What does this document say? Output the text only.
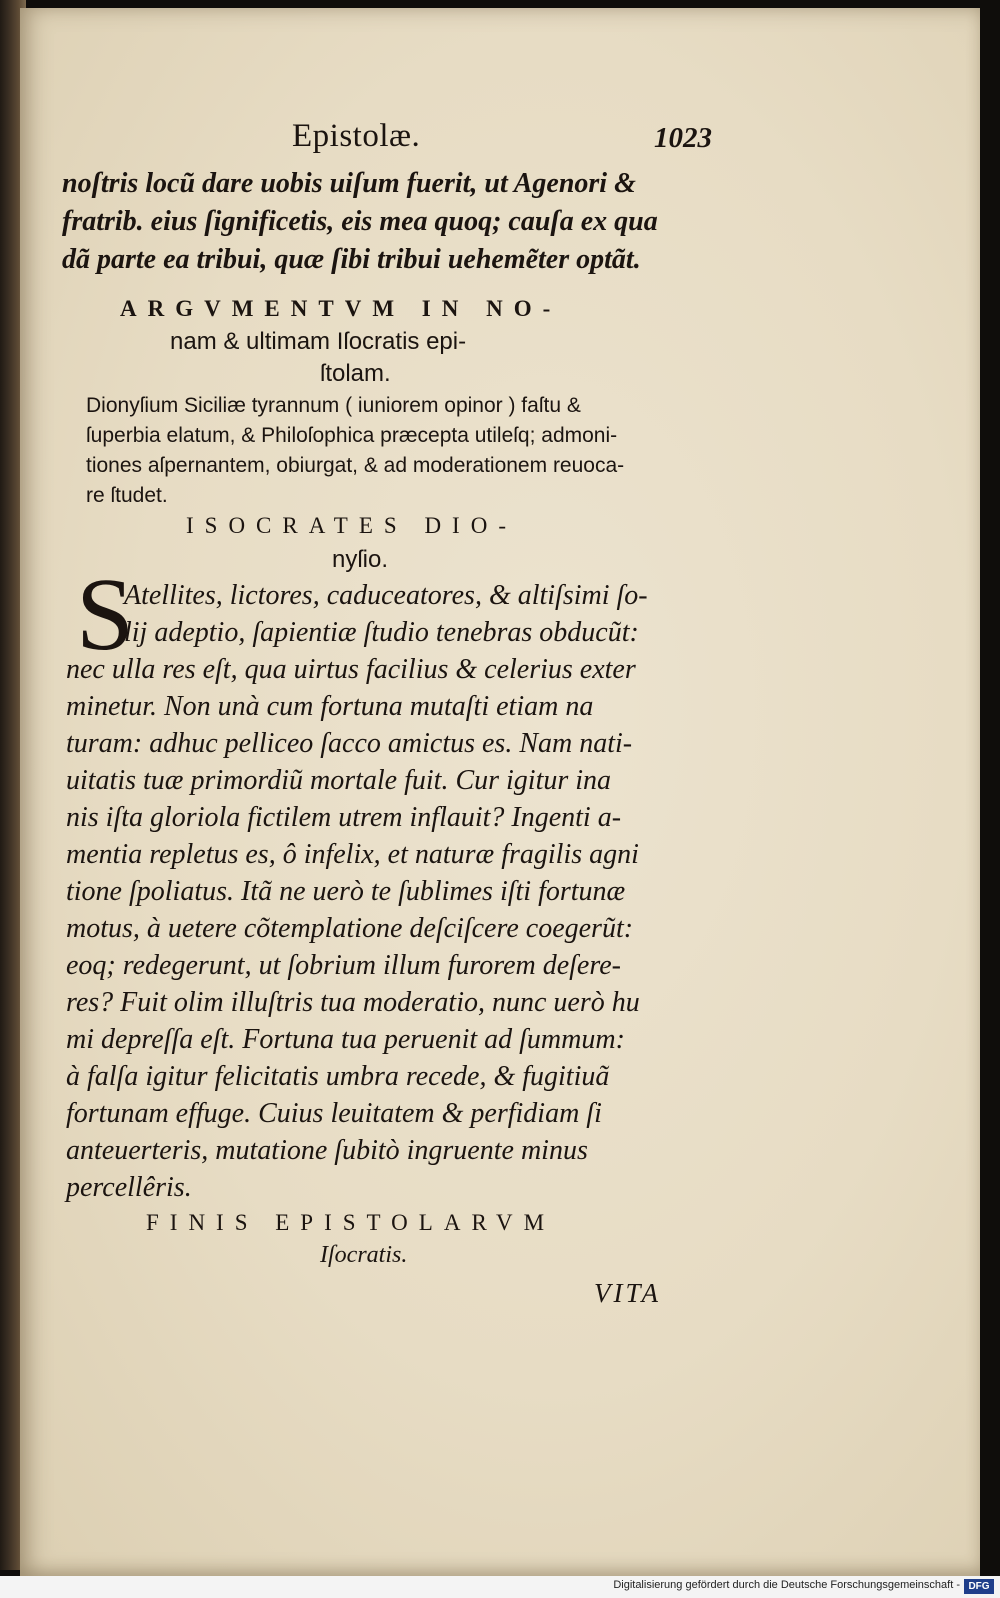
Epistolæ.	1023
noſtris locũ dare uobis uiſum fuerit, ut Agenori &
fratrib. eius ſignificetis, eis mea quoq; cauſa ex qua
dã parte ea tribui, quæ ſibi tribui uehemẽter optãt.
ARGVMENTVM IN NO-
nam & ultimam Iſocratis epi-
ſtolam.
Dionyſium Siciliæ tyrannum ( iuniorem opinor ) faſtu &
ſuperbia elatum, & Philoſophica præcepta utileſq; admoni-
tiones aſpernantem, obiurgat, & ad moderationem reuoca-
re ſtudet.
ISOCRATES DIO-
nyſio.
S
Atellites, lictores, caduceatores, & altiſsimi ſo-
lij adeptio, ſapientiæ ſtudio tenebras obducũt:
nec ulla res eſt, qua uirtus facilius & celerius exter
minetur. Non unà cum fortuna mutaſti etiam na
turam: adhuc pelliceo ſacco amictus es. Nam nati-
uitatis tuæ primordiũ mortale fuit. Cur igitur ina
nis iſta gloriola fictilem utrem inflauit? Ingenti a-
mentia repletus es, ô infelix, et naturæ fragilis agni
tione ſpoliatus. Itã ne uerò te ſublimes iſti fortunæ
motus, à uetere cõtemplatione deſciſcere coegerũt:
eoq; redegerunt, ut ſobrium illum furorem deſere-
res? Fuit olim illuſtris tua moderatio, nunc uerò hu
mi depreſſa eſt. Fortuna tua peruenit ad ſummum:
à falſa igitur felicitatis umbra recede, & fugitiuã
fortunam effuge. Cuius leuitatem & perfidiam ſi
anteuerteris, mutatione ſubitò ingruente minus
percellêris.
FINIS EPISTOLARVM
Iſocratis.
VITA
Digitalisierung gefördert durch die Deutsche Forschungsgemeinschaft - DFG
